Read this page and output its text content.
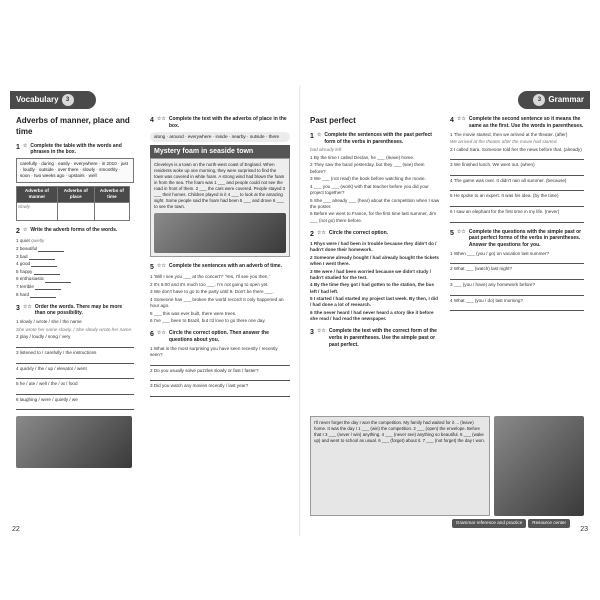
Vocabulary	3
Adverbs of manner, place and time
1 ☆ Complete the table with the words and phrases in the box.
carefully · during · easily · everywhere · in 2010 · just · loudly · outside · over there · slowly · smoothly · soon · two weeks ago · upstairs · well
Adverbs of manner	Adverbs of place	Adverbs of time
slowly		
2 ☆ Write the adverb forms of the words.
1 quiet quietly
2 beautiful
3 bad
4 good
5 happy
6 enthusiastic
7 terrible
8 hard
3 ☆☆ Order the words. There may be more than one possibility.
1 slowly / wrote / she / the name
She wrote her name slowly. / She slowly wrote her name.
2 play / loudly / song / very
3 listened to / carefully / the instructions
4 quickly / the / up / elevator / went
5 he / ate / well / the / at / food
6 laughing / were / quietly / we
4 ☆☆ Complete the text with the adverbs of place in the box.
along · around · everywhere · inside · nearby · outside · there
Mystery foam in seaside town
Cleveleys is a town on the north-west coast of England. When residents woke up one morning, they were surprised to find the town was covered in white foam. A strong wind had blown the foam in from the sea. The foam was 1 ___ and people could not see the road in front of them. 2 ___ the cars were covered. People stayed 3 ___ their homes. Children played in it 4 ___ to look at the amazing sight. Some people said the foam had been 5 ___ and drove 6 ___ to see the town.
5 ☆☆ Complete the sentences with an adverb of time.
1 'Will I see you ___ at the concert?' 'Yes, I'll see you then.'
2 It's 6:00 and it's much too ___. I'm not going to open yet.
3 We don't have to go to the party until 9. Don't be there ___.
4 Someone has ___ broken the world record! It only happened an hour ago.
5 ___ this was ever built, there were trees.
6 I've ___ been to Brazil, but I'd love to go there one day.
6 ☆☆ Circle the correct option. Then answer the questions about you.
1 What is the most surprising you have seen recently / recently seen?
2 Do you usually solve puzzles slowly or fast / faster?
3 Did you watch any movies recently / last year?
22
3 Grammar
Past perfect
1 ☆ Complete the sentences with the past perfect form of the verbs in parentheses.
had already left
1 By the time I called Declan, he ___ (leave) home.
2 They saw the band yesterday, but they ___ (see) them before?
3 We ___ (not read) the book before watching the movie.
4 ___ you ___ (work) with that teacher before you did your project together?
5 She ___ already ___ (hear) about the competition when I saw the poster.
6 Before we went to France, for the first time last summer, Jim ___ (not go) there before.
2 ☆☆ Circle the correct option.
1 Rhys were / had been in trouble because they didn't do / hadn't done their homework.
2 Someone already bought / had already bought the tickets when I went there.
3 We were / had been worried because we didn't study / hadn't studied for the test.
4 By the time they got / had gotten to the station, the bus left / had left.
5 I started / had started my project last week. By then, I did / had done a lot of research.
6 She never heard / had never heard a story like it before she read / had read the newspaper.
3 ☆☆ Complete the text with the correct form of the verbs in parentheses. Use the simple past or past perfect.
4 ☆☆ Complete the second sentence so it means the same as the first. Use the words in parentheses.
1 The movie started, then we arrived at the theater. (after)
We arrived at the theater after the movie had started.
2 I called Sara. Someone told her the news before that. (already)
3 We finished lunch. We went out. (when)
4 The game was over. It didn't rain all summer. (because)
5 He spoke to an expert. It was his idea. (by the time)
6 I saw an elephant for the first time in my life. (never)
5 ☆☆ Complete the questions with the simple past or past perfect forms of the verbs in parentheses. Answer the questions for you.
1 When ___ (you / go) on vacation last summer?
2 What ___ (watch) last night?
3 ___ (you / have) any homework before?
4 What ___ (you / do) last morning?
I'll never forget the day I won the competition. My family had waited for it ... (leave) home. It was the day I 1 ___ (win) the competition. 2 ___ (open) the envelope. Before that I 3 ___ (never / win) anything. 4 ___ (never see) anything so beautiful. 5 ___ (wake up) and went to school as usual. 6 ___ (forget) about it. 7 ___ (not forget) the day I won.
Grammar reference and practice	Resource center
23
